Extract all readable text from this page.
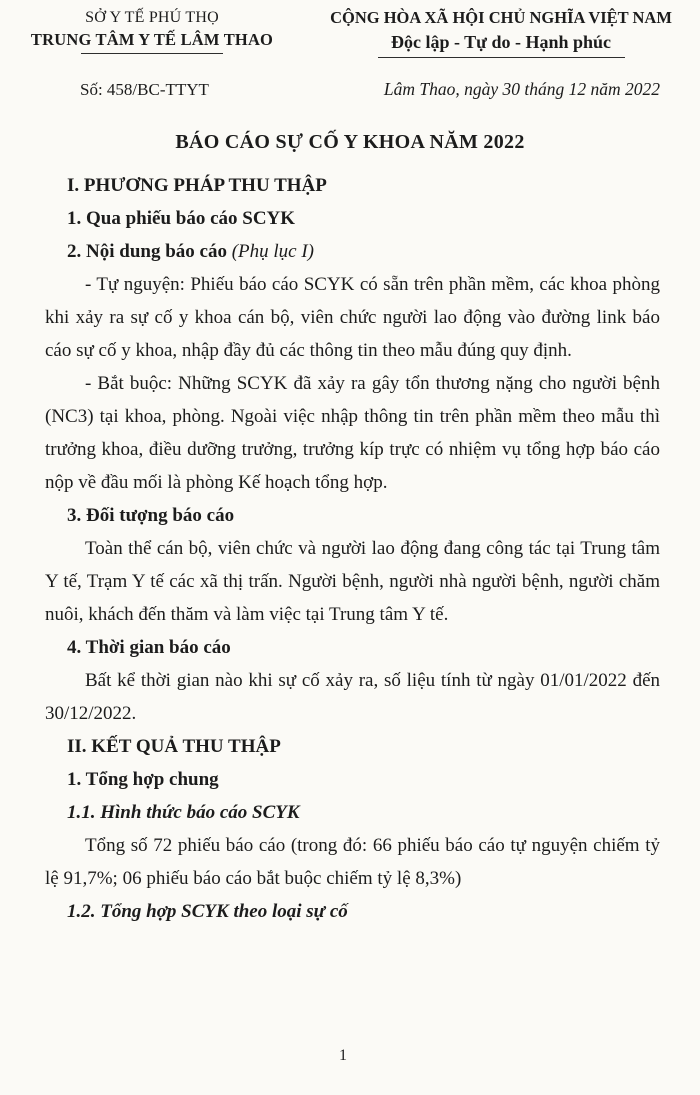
SỞ Y TẾ PHÚ THỌ
TRUNG TÂM Y TẾ LÂM THAO
CỘNG HÒA XÃ HỘI CHỦ NGHĨA VIỆT NAM
Độc lập - Tự do - Hạnh phúc
Số: 458/BC-TTYT	Lâm Thao, ngày 30 tháng 12 năm 2022
BÁO CÁO SỰ CỐ Y KHOA NĂM 2022

I. PHƯƠNG PHÁP THU THẬP

1. Qua phiếu báo cáo SCYK

2. Nội dung báo cáo (Phụ lục I)

- Tự nguyện: Phiếu báo cáo SCYK có sẵn trên phần mềm, các khoa phòng khi xảy ra sự cố y khoa cán bộ, viên chức người lao động vào đường link báo cáo sự cố y khoa, nhập đầy đủ các thông tin theo mẫu đúng quy định.

- Bắt buộc: Những SCYK đã xảy ra gây tổn thương nặng cho người bệnh (NC3) tại khoa, phòng. Ngoài việc nhập thông tin trên phần mềm theo mẫu thì trưởng khoa, điều dưỡng trưởng, trưởng kíp trực có nhiệm vụ tổng hợp báo cáo nộp về đầu mối là phòng Kế hoạch tổng hợp.

3. Đối tượng báo cáo

Toàn thể cán bộ, viên chức và người lao động đang công tác tại Trung tâm Y tế, Trạm Y tế các xã thị trấn. Người bệnh, người nhà người bệnh, người chăm nuôi, khách đến thăm và làm việc tại Trung tâm Y tế.

4. Thời gian báo cáo

Bất kể thời gian nào khi sự cố xảy ra, số liệu tính từ ngày 01/01/2022 đến 30/12/2022.

II. KẾT QUẢ THU THẬP

1. Tổng hợp chung

1.1. Hình thức báo cáo SCYK

Tổng số 72 phiếu báo cáo (trong đó: 66 phiếu báo cáo tự nguyện chiếm tỷ lệ 91,7%; 06 phiếu báo cáo bắt buộc chiếm tỷ lệ 8,3%)

1.2. Tổng hợp SCYK theo loại sự cố

1
